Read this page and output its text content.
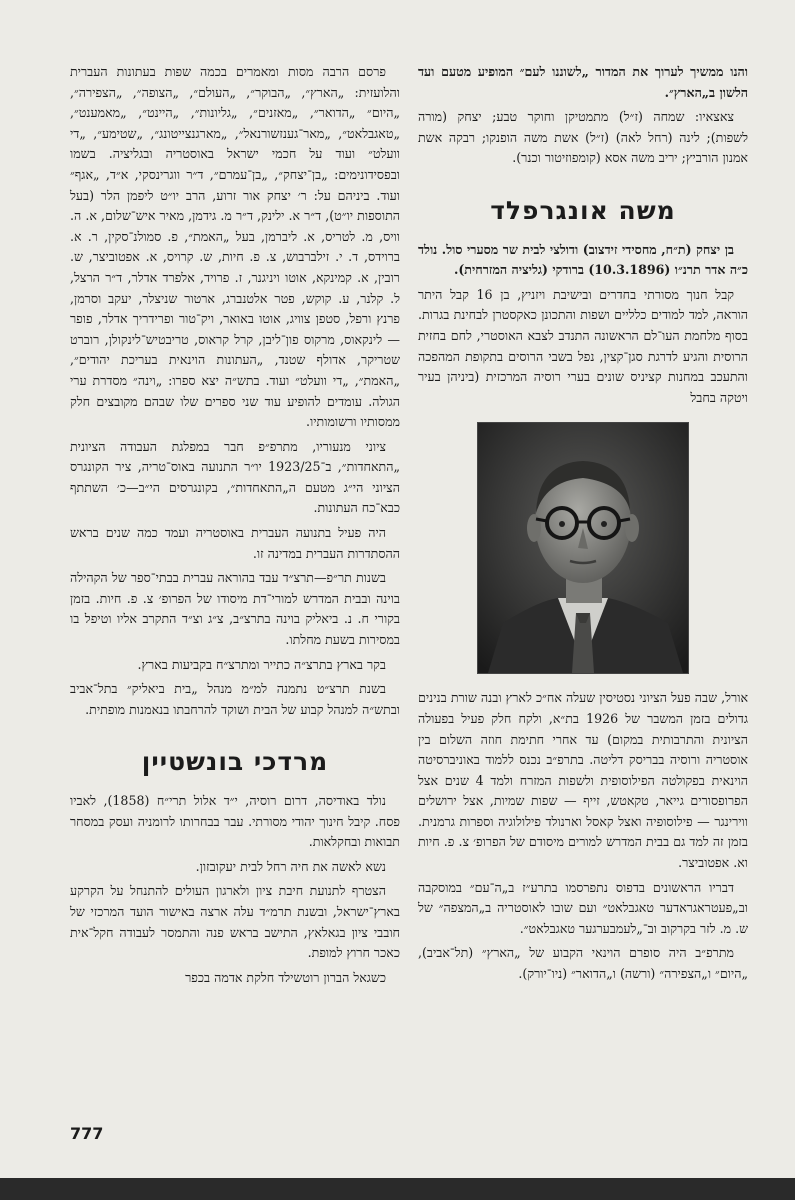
והנו ממשיך לערוך את המדור „לשוננו לעם״ המופיע מטעם ועד הלשון ב„הארץ״.

צאצאיו: שמחה (ז״ל) מתמטיקן וחוקר טבע; יצחק (מורה לשפות); לינה (רחל לאה) (ז״ל) אשת משה הופנקו; רבקה אשת אמנון הורביץ; יריב משה אסא (קומפוזיטור וכנר).

משה אונגרפלד

בן יצחק (ת״ח, מחסידי זידצוב) ודולצי לבית שר מסערי סול. נולד כ״ה אדר תרנ״ו (10.3.1896) ברודקי (גליציה המזרחית).

קבל חנוך מסורתי בחדרים ובישיבת ויזניץ, בן 16 קבל היתר הוראה, למד למודים כלליים ושפות והתכונן כאקסטרן לבחינת בגרות. בסוף מלחמת העו־לם הראשונה התנדב לצבא האוסטרי, לחם בחזית הרוסית והגיע לדרגת סגן־קצין, נפל בשבי הרוסים בתקופת המהפכה והתעכב במחנות קציניס שונים בערי רוסיה המרכזית (ביניהן בעיר ויטקה בחבל

אורל, שבה פעל הציוני נסטיסין שעלה אח״כ לארץ ובנה שורת בנינים גדולים בזמן המשבר של 1926 בת״א, ולקח חלק פעיל בפעולה הציונית והתרבותית במקום) עד אחרי חתימת חוזה השלום בין אוסטריה ורוסיה בבריסק דליטה. בתרפ״ב נכנס ללמוד באוניברסיטה הוינאית בפקולטה הפילוסופית ולשפות המזרח ולמד 4 שנים אצל הפרופסורים גייאר, טקאטש, זייף — שפות שמיות, אצל ירושלים ווירינגר — פילוסופיה ואצל קאסל וארנולד פילולוגיה וספרות גרמנית. בזמן זה למד גם בבית המדרש למורים מיסודם של הפרופ׳ צ. פ. חיות וא. אפטוביצר.

דבריו הראשונים בדפוס נתפרסמו בתרע״ז ב„ה־עם״ במוסקבה וב„פעטראגראדער טאגבלאט״ ועם שובו לאוסטריה ב„המצפה״ של ש. מ. לזר בקרקוב וב־„לעמבערגער טאגבלאט״.

מתרפ״ב היה סופרם הוינאי הקבוע של „הארץ״ (תל־אביב), „היום״ ו„הצפירה״ (ורשה) ו„הדואר״ (ניו־יורק).

פרסם הרבה מסות ומאמרים בכמה שפות בעתונות העברית והלועזית: „הארץ״, „הבוקר״, „העולם״, „הצופה״, „הצפירה״, „היום״ „הדואר״, „מאזנים״, „גליונות״, „היינט״, „מאמענט״, „טאגבלאט״, „מאר־גענזשורנאל״, „מארגנצייטונג״, „שטימע״, „די וועלט״ ועוד על חכמי ישראל באוסטריה ובגליציה. בשמו ובפסידונימים: „בן־יצחק״, „בן־עמרם״, ד״ר ווגרינסקי, א״ד, „אגף״ ועוד. ביניהם על: ר׳ יצחק אור זרוע, הרב יו״ט ליפמן הלר (בעל התוספות יו״ט), ד״ר א. ילינק, ד״ר מ. גידמן, מאיר איש־שלום, א. ה. וויס, מ. לטריס, א. ליברמן, בעל „האמת״, פ. סמולנ־סקין, ר. א. ברוידס, ד. י. זילברבוש, צ. פ. חיות, ש. קרויס, א. אפטוביצר, ש. רובין, א. קמינקא, אוטו ויניגנר, ז. פרויד, אלפרד אדלר, ד״ר הרצל, ל. קלנר, ע. קוקש, פטר אלטנברג, ארטור שניצלר, יעקב וסרמן, פרנץ ורפל, סטפן צוויג, אוטו באואר, ויק־טור ופרידריך אדלר, פופר — לינקאוס, מרקוס פון־ליבן, קרל קראוס, טריבטיש־לינקולן, רוברט שטריקר, אדולף שטנד, „העתונות הוינאית בעריכת יהודים״, „האמת״, „די וועלט״ ועוד. בתש״ה יצא ספרו: „וינה״ מסדרת ערי הגולה. עומדים להופיע עוד שני ספרים שלו שבהם מקובצים חלק ממסותיו ורשומותיו.

ציוני מנעוריו, מתרפ״פ חבר במפלגת העבודה הציונית „התאחדות״, ב־1923/25 יו״ר התנועה באוס־טריה, ציר הקונגרס הציוני הי״ג מטעם ה„התאחדות״, בקונגרסים הי״ב—כ׳ השתתף כבא־כח העתונות.

היה פעיל בתנועה העברית באוסטריה ועמד כמה שנים בראש ההסתדרות העברית במדינה זו.

בשנות תר״פ—תרצ״ד עבד בהוראה עברית בבתי־ספר של הקהילה בוינה ובבית המדרש למורי־דת מיסודו של הפרופ׳ צ. פ. חיות. בזמן בקורי ח. נ. ביאליק בוינה בתרצ״ב, צ״ג וצ״ד התקרב אליו וטיפל בו במסירות בשעת מחלתו.

בקר בארץ בתרצ״ה כתייר ומתרצ״ח בקביעות בארץ.

בשנת תרצ״ט נתמנה למ״מ מנהל „בית ביאליק״ בתל־אביב ובתש״ה למנהל קבוע של הבית ושוקד להרחבתו בנאמנות מופתית.

מרדכי בונשטיין

נולד באודיסה, דרום רוסיה, י״ד אלול תרי״ח (1858), לאביו פסח. קיבל חינוך יהודי מסורתי. עבר בבחרותו לרומניה ועסק במסחר תבואות ובחקלאות.

נשא לאשה את חיה רחל לבית יעקובזון.

הצטרף לתנועת חיבת ציון ולארגון העולים להתנחל על הקרקע בארץ־ישראל, ובשנת תרמ״ד עלה ארצה באישור הועד המרכזי של חובבי ציון בגאלאץ, התישב בראש פנה והתמסר לעבודה חקל־אית כאכר חרוץ למופת.

כשגאל הברון רוטשילד חלקת אדמה בכפר

777
